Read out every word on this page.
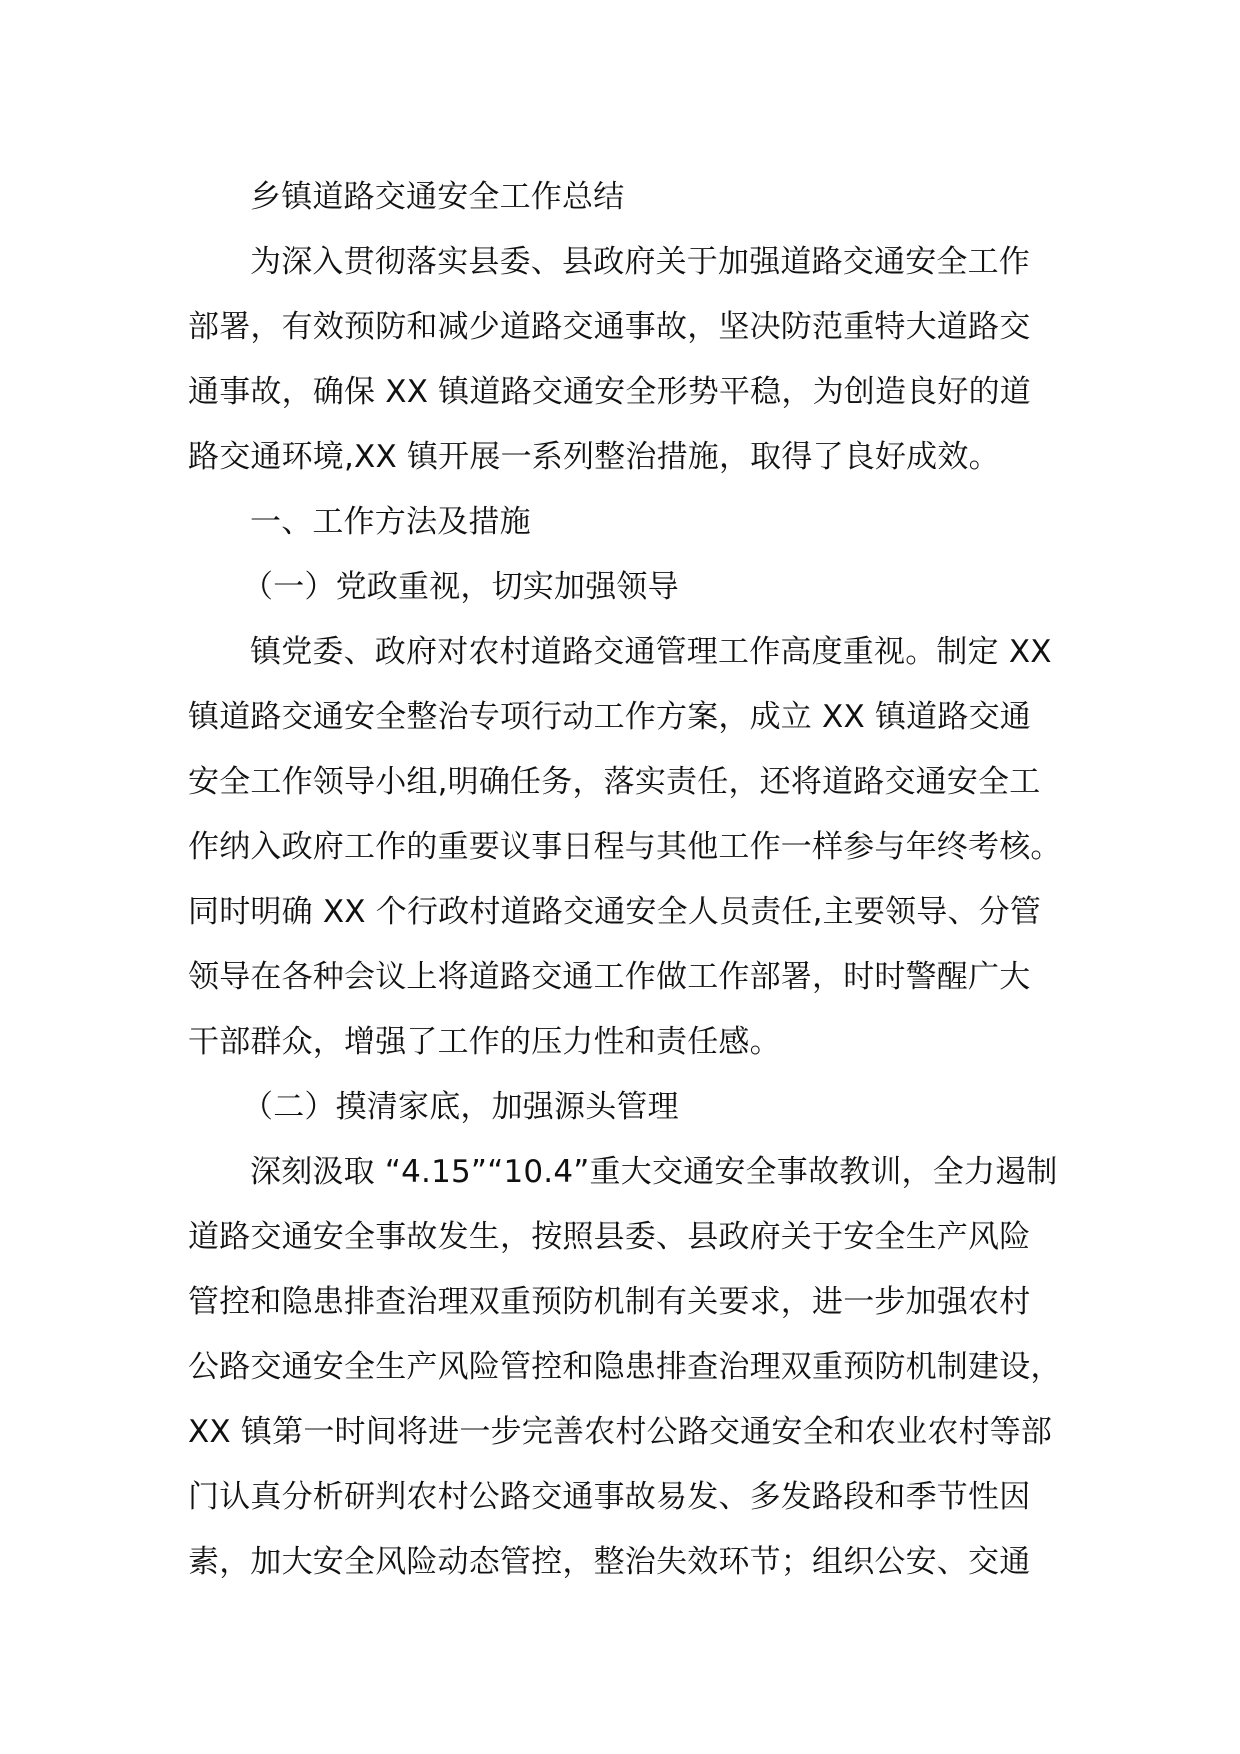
乡镇道路交通安全工作总结
为深入贯彻落实县委、县政府关于加强道路交通安全工作
部署，有效预防和减少道路交通事故，坚决防范重特大道路交
通事故，确保 XX 镇道路交通安全形势平稳，为创造良好的道
路交通环境,XX 镇开展一系列整治措施，取得了良好成效。
一、工作方法及措施
（一）党政重视，切实加强领导
镇党委、政府对农村道路交通管理工作高度重视。制定 XX
镇道路交通安全整治专项行动工作方案，成立 XX 镇道路交通
安全工作领导小组,明确任务，落实责任，还将道路交通安全工
作纳入政府工作的重要议事日程与其他工作一样参与年终考核。
同时明确 XX 个行政村道路交通安全人员责任,主要领导、分管
领导在各种会议上将道路交通工作做工作部署，时时警醒广大
干部群众，增强了工作的压力性和责任感。
（二）摸清家底，加强源头管理
深刻汲取 “4.15”“10.4”重大交通安全事故教训，全力遏制
道路交通安全事故发生，按照县委、县政府关于安全生产风险
管控和隐患排查治理双重预防机制有关要求，进一步加强农村
公路交通安全生产风险管控和隐患排查治理双重预防机制建设，
XX 镇第一时间将进一步完善农村公路交通安全和农业农村等部
门认真分析研判农村公路交通事故易发、多发路段和季节性因
素，加大安全风险动态管控，整治失效环节；组织公安、交通
